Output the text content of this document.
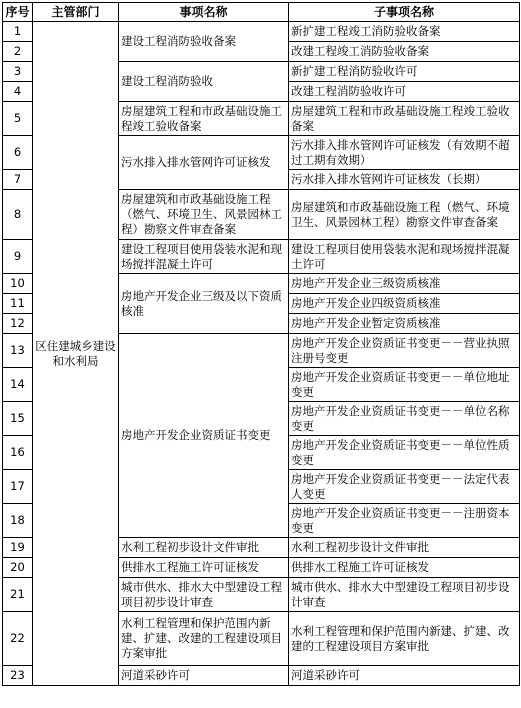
序号	主管部门	事项名称	子事项名称
1	区住建城乡建设和水利局	建设工程消防验收备案	新扩建工程竣工消防验收备案
2			改建工程竣工消防验收备案
3		建设工程消防验收	新扩建工程消防验收许可
4			改建工程消防验收许可
5		房屋建筑工程和市政基础设施工程竣工验收备案	房屋建筑工程和市政基础设施工程竣工验收备案
6		污水排入排水管网许可证核发	污水排入排水管网许可证核发（有效期不超过工期有效期）
7			污水排入排水管网许可证核发（长期）
8		房屋建筑和市政基础设施工程（燃气、环境卫生、风景园林工程）勘察文件审查备案	房屋建筑和市政基础设施工程（燃气、环境卫生、风景园林工程）勘察文件审查备案
9		建设工程项目使用袋装水泥和现场搅拌混凝土许可	建设工程项目使用袋装水泥和现场搅拌混凝土许可
10		房地产开发企业三级及以下资质核准	房地产开发企业三级资质核准
11			房地产开发企业四级资质核准
12			房地产开发企业暂定资质核准
13		房地产开发企业资质证书变更	房地产开发企业资质证书变更－－营业执照注册号变更
14			房地产开发企业资质证书变更－－单位地址变更
15			房地产开发企业资质证书变更－－单位名称变更
16			房地产开发企业资质证书变更－－单位性质变更
17			房地产开发企业资质证书变更－－法定代表人变更
18			房地产开发企业资质证书变更－－注册资本变更
19		水利工程初步设计文件审批	水利工程初步设计文件审批
20		供排水工程施工许可证核发	供排水工程施工许可证核发
21		城市供水、排水大中型建设工程项目初步设计审查	城市供水、排水大中型建设工程项目初步设计审查
22		水利工程管理和保护范围内新建、扩建、改建的工程建设项目方案审批	水利工程管理和保护范围内新建、扩建、改建的工程建设项目方案审批
23		河道采砂许可	河道采砂许可
